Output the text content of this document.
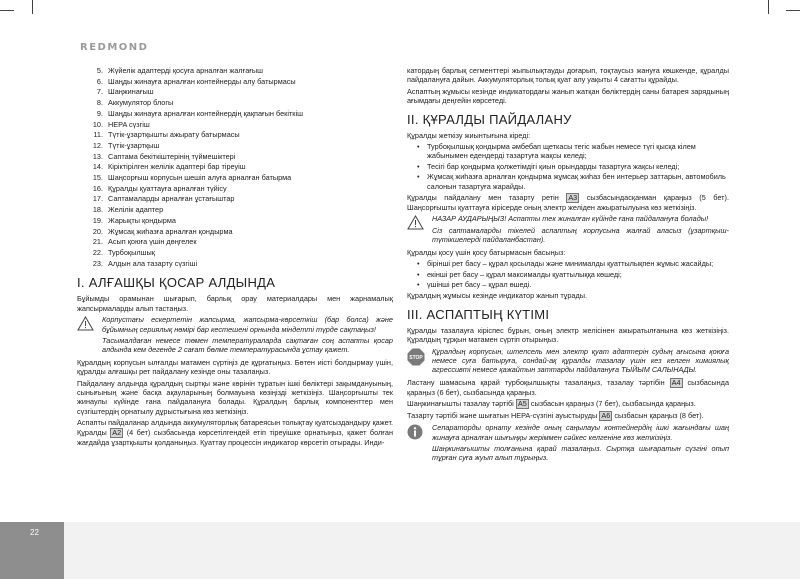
REDMOND
5. Жүйелік адаптерді қосуға арналған жалғағыш
6. Шаңды жинауға арналған контейнерды алу батырмасы
7. Шаңжинағыш
8. Аккумулятор блогы
9. Шаңды жинауға арналған контейнердің қақпағын бекіткіш
10. HEPA сүзгіш
11. Түтік-ұзартқышты ажырату батырмасы
12. Түтік-ұзартқыш
13. Саптама бекіткіштерінің түймешіктері
14. Кіріктірілген желілік адаптері бар тіреуіш
15. Шаңсорғыш корпусын шешіп алуға арналған батырма
16. Құралды қуаттауға арналған түйісу
17. Саптамаларды арналған ұстағыштар
18. Желілік адаптер
19. Жарықты қондырма
20. Жұмсақ жиһазға арналған қондырма
21. Асып қоюға үшін дөңгелек
22. Турбоқылшық
23. Алдын ала тазарту сүзгіші
I. АЛҒАШҚЫ ҚОСАР АЛДЫНДА

Бұйымды орамынан шығарып, барлық орау материалдары мен жарнамалық жапсырмаларды алып тастаңыз.

Корпустағы ескертетін жапсырма, жапсырма-көрсеткіш (бар болса) және бұйымның сериялық нөмірі бар кестешені орнында міндетті түрде сақтаңыз!

Тасымалдаған немесе төмен температураларда сақтаған соң аспапты қосар алдында кем дегенде 2 сағат бөлме температурасында ұстау қажет.

Құралдың корпусын ылғалды матамен сүртіңіз де құрғатыңыз. Бөтен иісті болдырмау үшін, құралды алғашқы рет пайдалану кезінде оны тазалаңыз.

Пайдалану алдында құралдың сыртқы және көрінін тұратын ішкі бөліктері зақымдануының, сынығының және басқа ақауларының болмауына көзіңізді жеткізіңіз. Шаңсорғышты тек жинаулы күйінде ғана пайдалануға болады. Құралдың барлық компоненттер мен сүзгіштердің орнатылу дұрыстығына көз жеткізіңіз.

Аспапты пайдаланар алдында аккумуляторлық батареясын толықтау қуатсыздандыру қажет. Құралды A2 (4 бет) сызбасында көрсетілгендей етіп тіреуішке орнатыңыз, қажет болған жағдайда ұзартқышты қолданыңыз. Қуаттау процессін индикатор көрсетіп отырады. Инди-

катордың барлық сегменттері жыпылықтауды доғарып, тоқтаусыз жануға көшкенде, құралды пайдалануға дайын. Аккумуляторлық толық қуат алу уақыты 4 сағатты құрайды.

Аспаптың жұмысы кезінде индикатордағы жанып жатқан бөліктердің саны батарея зарядының ағымдағы деңгейін көрсетеді.

II. ҚҰРАЛДЫ ПАЙДАЛАНУ

Құралды жеткізу жиынтығына кіреді:

• Турбоқылшық қондырма әмбебап щеткасы тегіс жабын немесе түгі қысқа кілем жабынымен едендерді тазартуға жақсы келеді;
• Тесігі бар қондырма қолжетімдігі қиын орындарды тазартуға жақсы келеді;
• Жұмсақ жиһазға арналған қондырма жұмсақ жиһаз бен интерьер заттарын, автомобиль салонын тазартуға жарайды.

Құралды пайдалану мен тазарту ретін A3 сызбасындасқанман қараңыз (5 бет). Шаңсорғышты қуаттауға кірісерде оның электр желіден ажыратылуына көз жеткізіңіз.

НАЗАР АУДАРЫҢЫЗ! Аспапты тек жиналған күйінде ғана пайдалануға болады!

Сіз саптамаларды тікелей аспаптың корпусына жалғай аласыз (ұзартқыш-түтікшелерді пайдаланбастан).

Құралды қосу үшін қосу батырмасын басыңыз:

• бірінші рет басу – құрал қосылады және минималды қуаттылықпен жұмыс жасайды;
• екінші рет басу – құрал максималды қуаттылыққа көшеді;
• үшінші рет басу – құрал өшеді.

Құралдың жұмысы кезінде индикатор жанып тұрады.

III. АСПАПТЫҢ КҮТІМІ

Құралды тазалауға кіріспес бұрын, оның электр желісінен ажыратылғанына көз жеткізіңіз. Құралдың тұрқын матамен сүртіп отырыңыз.

STOP

Құралдың корпусын, штепсель мен электр қуат адаптерін судың ағысына қоюға немесе суға батыруға, сондай-ақ құралды тазалау үшін кез келген химиялық агрессивті немесе қажайтын заттарды пайдалануға ТЫЙЫМ САЛЫНАДЫ.

Ластану шамасына қарай турбоқылшықты тазалаңыз, тазалау тәртібін A4 сызбасында қараңыз (6 бет), сызбасында қараңыз.

Шаңжинағышты тазалау тәртібі A5 сызбасын қараңыз (7 бет), сызбасында қараңыз.

Тазарту тәртібі және шығатын HEPA-сүзгіні ауыстыруды A6 сызбасын қараңыз (8 бет).

Сепараторды орнату кезінде оның саңылауы контейнердің ішкі жағындағы шаң жинауға арналған шығыңқы жеріммен сәйкес келгеніне көз жеткізіңіз.

Шаңжинағышты толғанына қарай тазалаңыз. Сыртқа шығаратын сүзгіні опып тұрған суға жуып алып тұрыңыз.

22
